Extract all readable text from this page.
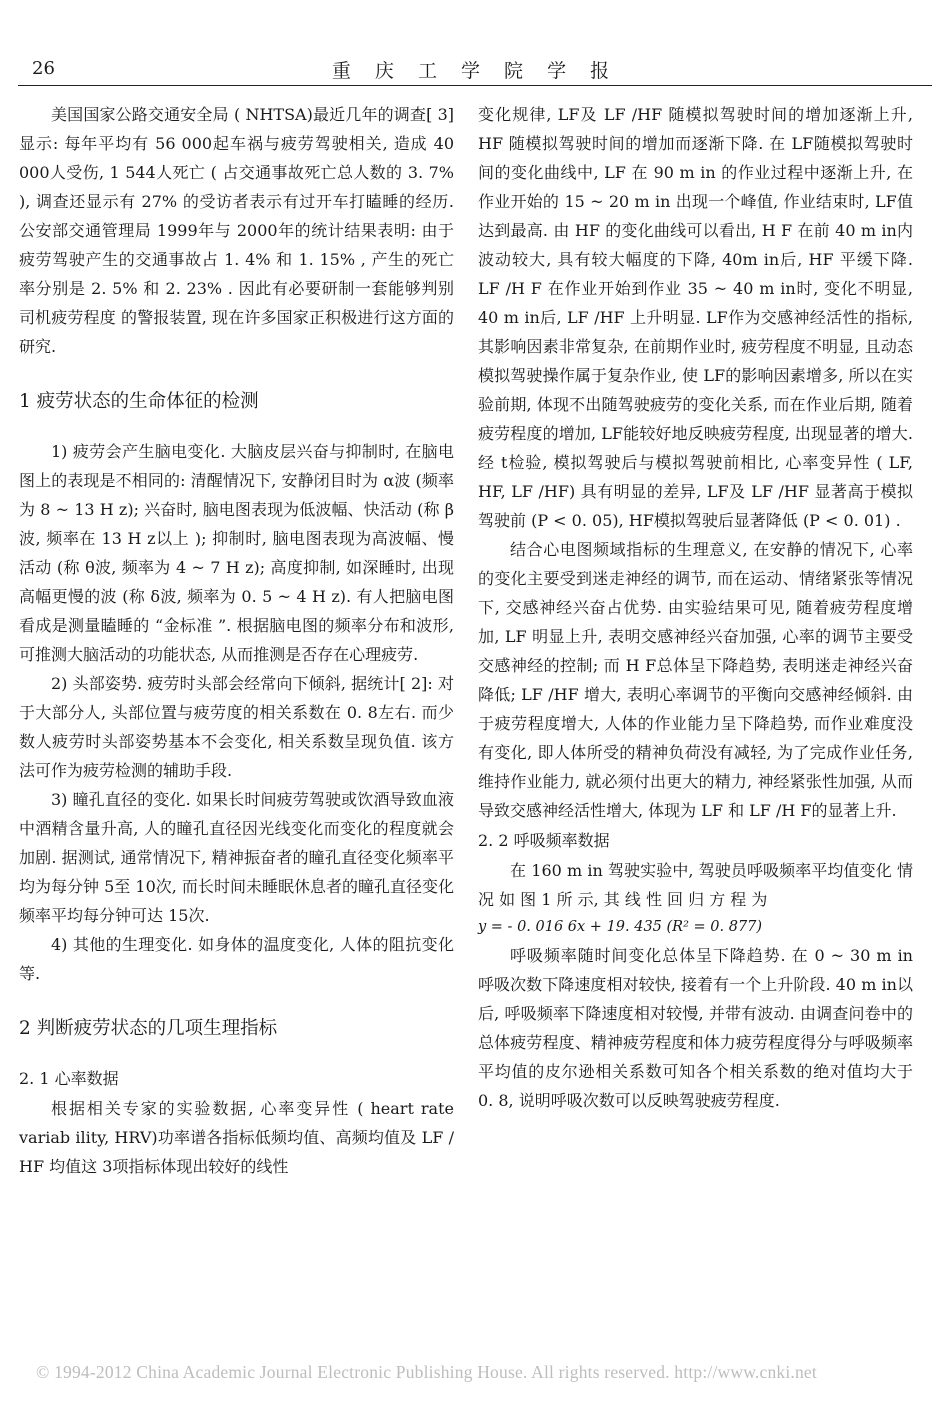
26	重 庆 工 学 院 学 报

美国国家公路交通安全局 ( NHTSA)最近几年的调查[ 3]显示: 每年平均有 56 000起车祸与疲劳驾驶相关, 造成 40 000人受伤, 1 544人死亡 ( 占交通事故死亡总人数的 3. 7% ), 调查还显示有 27% 的受访者表示有过开车打瞌睡的经历. 公安部交通管理局 1999年与 2000年的统计结果表明: 由于疲劳驾驶产生的交通事故占 1. 4% 和 1. 15% , 产生的死亡率分别是 2. 5% 和 2. 23% . 因此有必要研制一套能够判别司机疲劳程度 的警报装置, 现在许多国家正积极进行这方面的研究.

1 疲劳状态的生命体征的检测

1) 疲劳会产生脑电变化. 大脑皮层兴奋与抑制时, 在脑电图上的表现是不相同的: 清醒情况下, 安静闭目时为 α波 (频率为 8 ~ 13 H z); 兴奋时, 脑电图表现为低波幅、快活动 (称 β波, 频率在 13 H z以上 ); 抑制时, 脑电图表现为高波幅、慢活动 (称 θ波, 频率为 4 ~ 7 H z); 高度抑制, 如深睡时, 出现高幅更慢的波 (称 δ波, 频率为 0. 5 ~ 4 H z). 有人把脑电图看成是测量瞌睡的 “金标准 ”. 根据脑电图的频率分布和波形, 可推测大脑活动的功能状态, 从而推测是否存在心理疲劳.

2) 头部姿势. 疲劳时头部会经常向下倾斜, 据统计[ 2]: 对于大部分人, 头部位置与疲劳度的相关系数在 0. 8左右. 而少数人疲劳时头部姿势基本不会变化, 相关系数呈现负值. 该方法可作为疲劳检测的辅助手段.

3) 瞳孔直径的变化. 如果长时间疲劳驾驶或饮酒导致血液中酒精含量升高, 人的瞳孔直径因光线变化而变化的程度就会加剧. 据测试, 通常情况下, 精神振奋者的瞳孔直径变化频率平均为每分钟 5至 10次, 而长时间未睡眠休息者的瞳孔直径变化频率平均每分钟可达 15次.

4) 其他的生理变化. 如身体的温度变化, 人体的阻抗变化等.

2 判断疲劳状态的几项生理指标
2. 1 心率数据

根据相关专家的实验数据, 心率变异性 ( heart rate variab ility, HRV)功率谱各指标低频均值、高频均值及 LF / HF 均值这 3项指标体现出较好的线性

变化规律, LF及 LF /HF 随模拟驾驶时间的增加逐渐上升, HF 随模拟驾驶时间的增加而逐渐下降. 在 LF随模拟驾驶时间的变化曲线中, LF 在 90 m in 的作业过程中逐渐上升, 在作业开始的 15 ~ 20 m in 出现一个峰值, 作业结束时, LF值达到最高. 由 HF 的变化曲线可以看出, H F 在前 40 m in内波动较大, 具有较大幅度的下降, 40m in后, HF 平缓下降. LF /H F 在作业开始到作业 35 ~ 40 m in时, 变化不明显, 40 m in后, LF /HF 上升明显. LF作为交感神经活性的指标, 其影响因素非常复杂, 在前期作业时, 疲劳程度不明显, 且动态模拟驾驶操作属于复杂作业, 使 LF的影响因素增多, 所以在实验前期, 体现不出随驾驶疲劳的变化关系, 而在作业后期, 随着疲劳程度的增加, LF能较好地反映疲劳程度, 出现显著的增大. 经 t检验, 模拟驾驶后与模拟驾驶前相比, 心率变异性 ( LF, HF, LF /HF) 具有明显的差异, LF及 LF /HF 显著高于模拟驾驶前 (P < 0. 05), HF模拟驾驶后显著降低 (P < 0. 01) .

结合心电图频域指标的生理意义, 在安静的情况下, 心率的变化主要受到迷走神经的调节, 而在运动、情绪紧张等情况下, 交感神经兴奋占优势. 由实验结果可见, 随着疲劳程度增加, LF 明显上升, 表明交感神经兴奋加强, 心率的调节主要受交感神经的控制; 而 H F总体呈下降趋势, 表明迷走神经兴奋降低; LF /HF 增大, 表明心率调节的平衡向交感神经倾斜. 由于疲劳程度增大, 人体的作业能力呈下降趋势, 而作业难度没有变化, 即人体所受的精神负荷没有减轻, 为了完成作业任务, 维持作业能力, 就必须付出更大的精力, 神经紧张性加强, 从而导致交感神经活性增大, 体现为 LF 和 LF /H F的显著上升.

2. 2 呼吸频率数据

在 160 m in 驾驶实验中, 驾驶员呼吸频率平均值变化 情 况 如 图 1 所 示, 其 线 性 回 归 方 程 为

y = - 0. 016 6x + 19. 435 (R² = 0. 877)

呼吸频率随时间变化总体呈下降趋势. 在 0 ~ 30 m in 呼吸次数下降速度相对较快, 接着有一个上升阶段. 40 m in以后, 呼吸频率下降速度相对较慢, 并带有波动. 由调查问卷中的总体疲劳程度、精神疲劳程度和体力疲劳程度得分与呼吸频率平均值的皮尔逊相关系数可知各个相关系数的绝对值均大于 0. 8, 说明呼吸次数可以反映驾驶疲劳程度.

© 1994-2012 China Academic Journal Electronic Publishing House. All rights reserved. http://www.cnki.net
